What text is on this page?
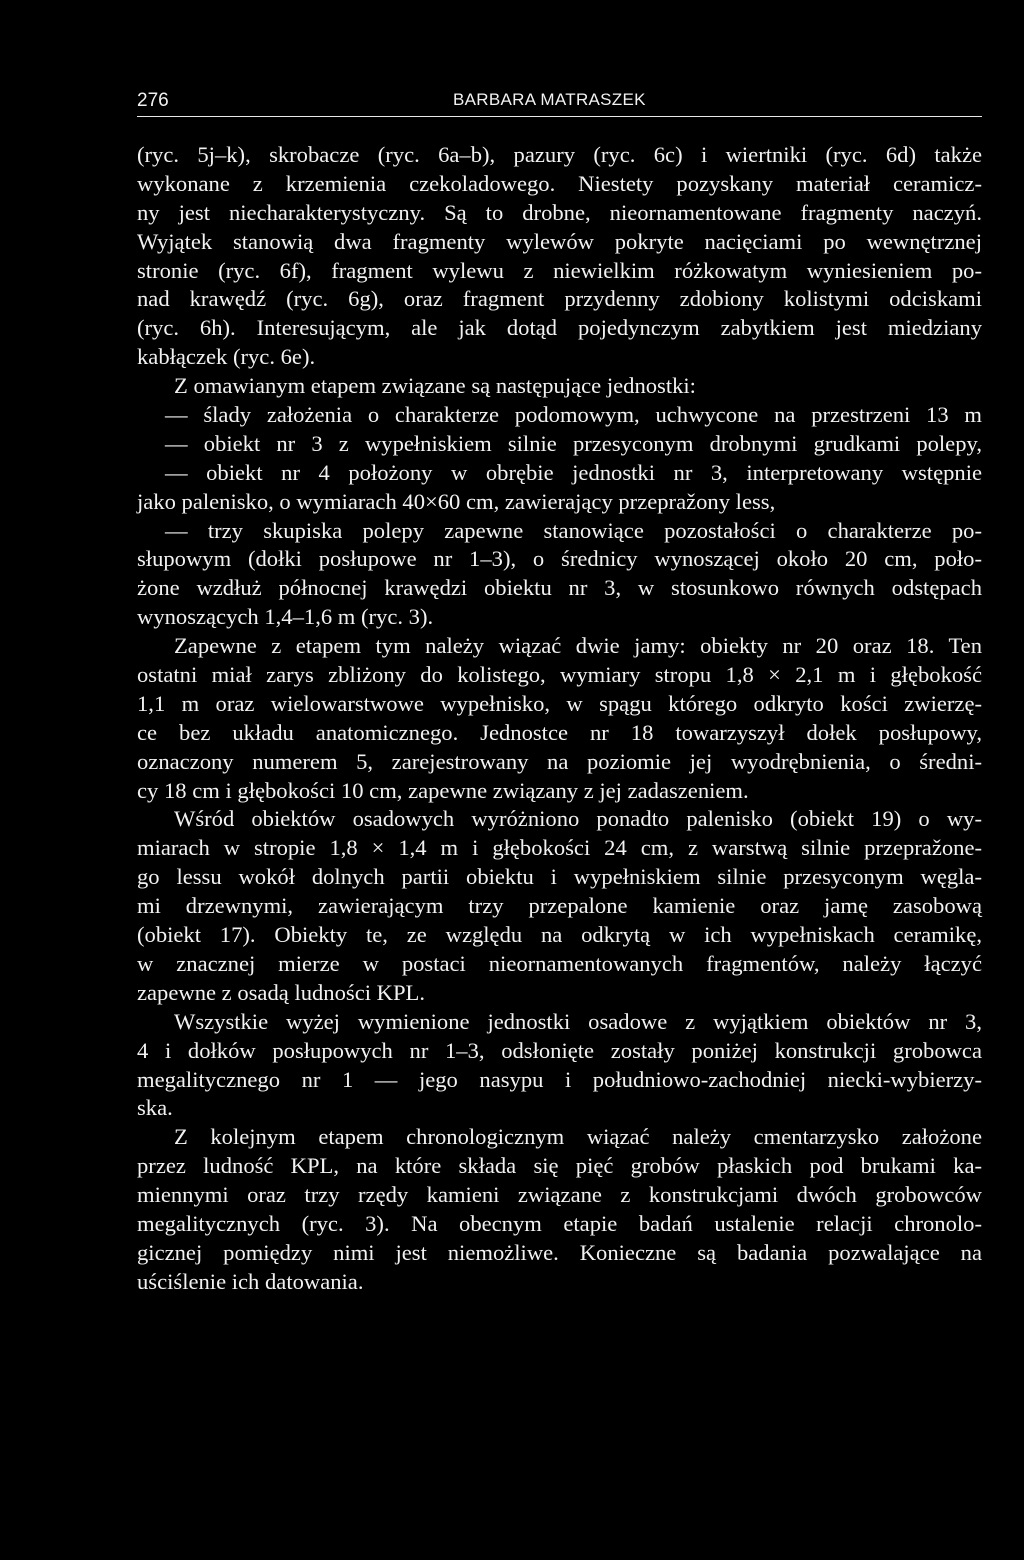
276	BARBARA MATRASZEK
(ryc. 5j–k), skrobacze (ryc. 6a–b), pazury (ryc. 6c) i wiertniki (ryc. 6d) także
wykonane z krzemienia czekoladowego. Niestety pozyskany materiał ceramicz-
ny jest niecharakterystyczny. Są to drobne, nieornamentowane fragmenty naczyń.
Wyjątek stanowią dwa fragmenty wylewów pokryte nacięciami po wewnętrznej
stronie (ryc. 6f), fragment wylewu z niewielkim różkowatym wyniesieniem po-
nad krawędź (ryc. 6g), oraz fragment przydenny zdobiony kolistymi odciskami
(ryc. 6h). Interesującym, ale jak dotąd pojedynczym zabytkiem jest miedziany
kabłączek (ryc. 6e).
Z omawianym etapem związane są następujące jednostki:
— ślady założenia o charakterze podomowym, uchwycone na przestrzeni 13 m
— obiekt nr 3 z wypełniskiem silnie przesyconym drobnymi grudkami polepy,
— obiekt nr 4 położony w obrębie jednostki nr 3, interpretowany wstępnie
jako palenisko, o wymiarach 40×60 cm, zawierający przepražony less,
— trzy skupiska polepy zapewne stanowiące pozostałości o charakterze po-
słupowym (dołki posłupowe nr 1–3), o średnicy wynoszącej około 20 cm, poło-
żone wzdłuż północnej krawędzi obiektu nr 3, w stosunkowo równych odstępach
wynoszących 1,4–1,6 m (ryc. 3).
Zapewne z etapem tym należy wiązać dwie jamy: obiekty nr 20 oraz 18. Ten
ostatni miał zarys zbliżony do kolistego, wymiary stropu 1,8 × 2,1 m i głębokość
1,1 m oraz wielowarstwowe wypełnisko, w spągu którego odkryto kości zwierzę-
ce bez układu anatomicznego. Jednostce nr 18 towarzyszył dołek posłupowy,
oznaczony numerem 5, zarejestrowany na poziomie jej wyodrębnienia, o średni-
cy 18 cm i głębokości 10 cm, zapewne związany z jej zadaszeniem.
Wśród obiektów osadowych wyróżniono ponadto palenisko (obiekt 19) o wy-
miarach w stropie 1,8 × 1,4 m i głębokości 24 cm, z warstwą silnie przepražone-
go lessu wokół dolnych partii obiektu i wypełniskiem silnie przesyconym węgla-
mi drzewnymi, zawierającym trzy przepalone kamienie oraz jamę zasobową
(obiekt 17). Obiekty te, ze względu na odkrytą w ich wypełniskach ceramikę,
w znacznej mierze w postaci nieornamentowanych fragmentów, należy łączyć
zapewne z osadą ludności KPL.
Wszystkie wyżej wymienione jednostki osadowe z wyjątkiem obiektów nr 3,
4 i dołków posłupowych nr 1–3, odsłonięte zostały poniżej konstrukcji grobowca
megalitycznego nr 1 — jego nasypu i południowo-zachodniej niecki-wybierzy-
ska.
Z kolejnym etapem chronologicznym wiązać należy cmentarzysko założone
przez ludność KPL, na które składa się pięć grobów płaskich pod brukami ka-
miennymi oraz trzy rzędy kamieni związane z konstrukcjami dwóch grobowców
megalitycznych (ryc. 3). Na obecnym etapie badań ustalenie relacji chronolo-
gicznej pomiędzy nimi jest niemożliwe. Konieczne są badania pozwalające na
uściślenie ich datowania.
